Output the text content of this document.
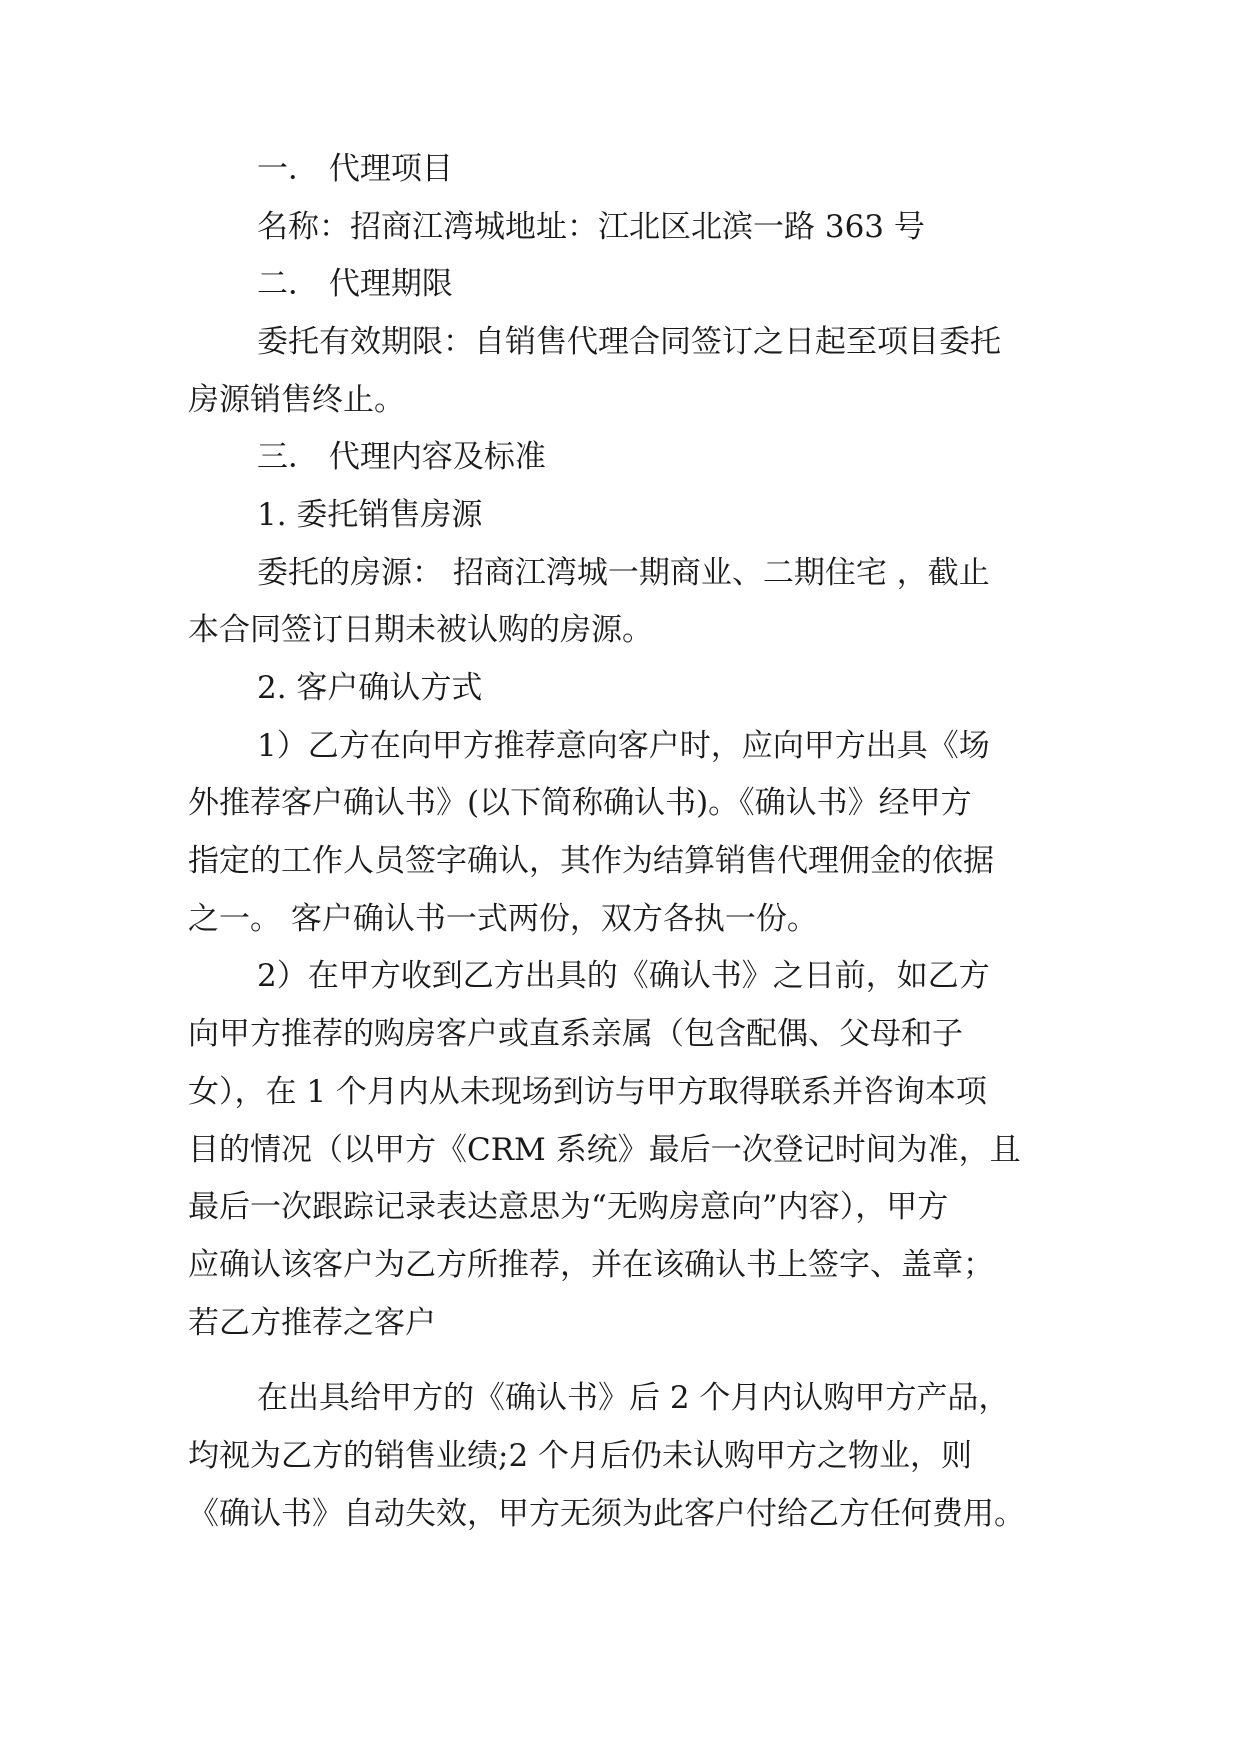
一． 代理项目
名称：招商江湾城地址：江北区北滨一路 363 号
二． 代理期限
委托有效期限：自销售代理合同签订之日起至项目委托
房源销售终止。
三． 代理内容及标准
1. 委托销售房源
委托的房源： 招商江湾城一期商业、二期住宅 ，截止
本合同签订日期未被认购的房源。
2. 客户确认方式
1）乙方在向甲方推荐意向客户时，应向甲方出具《场
外推荐客户确认书》(以下简称确认书)。《确认书》经甲方
指定的工作人员签字确认，其作为结算销售代理佣金的依据
之一。 客户确认书一式两份，双方各执一份。
2）在甲方收到乙方出具的《确认书》之日前，如乙方
向甲方推荐的购房客户或直系亲属（包含配偶、父母和子
女），在 1 个月内从未现场到访与甲方取得联系并咨询本项
目的情况（以甲方《CRM 系统》最后一次登记时间为准，且
最后一次跟踪记录表达意思为“无购房意向”内容），甲方
应确认该客户为乙方所推荐，并在该确认书上签字、盖章；
若乙方推荐之客户
在出具给甲方的《确认书》后 2 个月内认购甲方产品，
均视为乙方的销售业绩;2 个月后仍未认购甲方之物业，则
《确认书》自动失效，甲方无须为此客户付给乙方任何费用。
